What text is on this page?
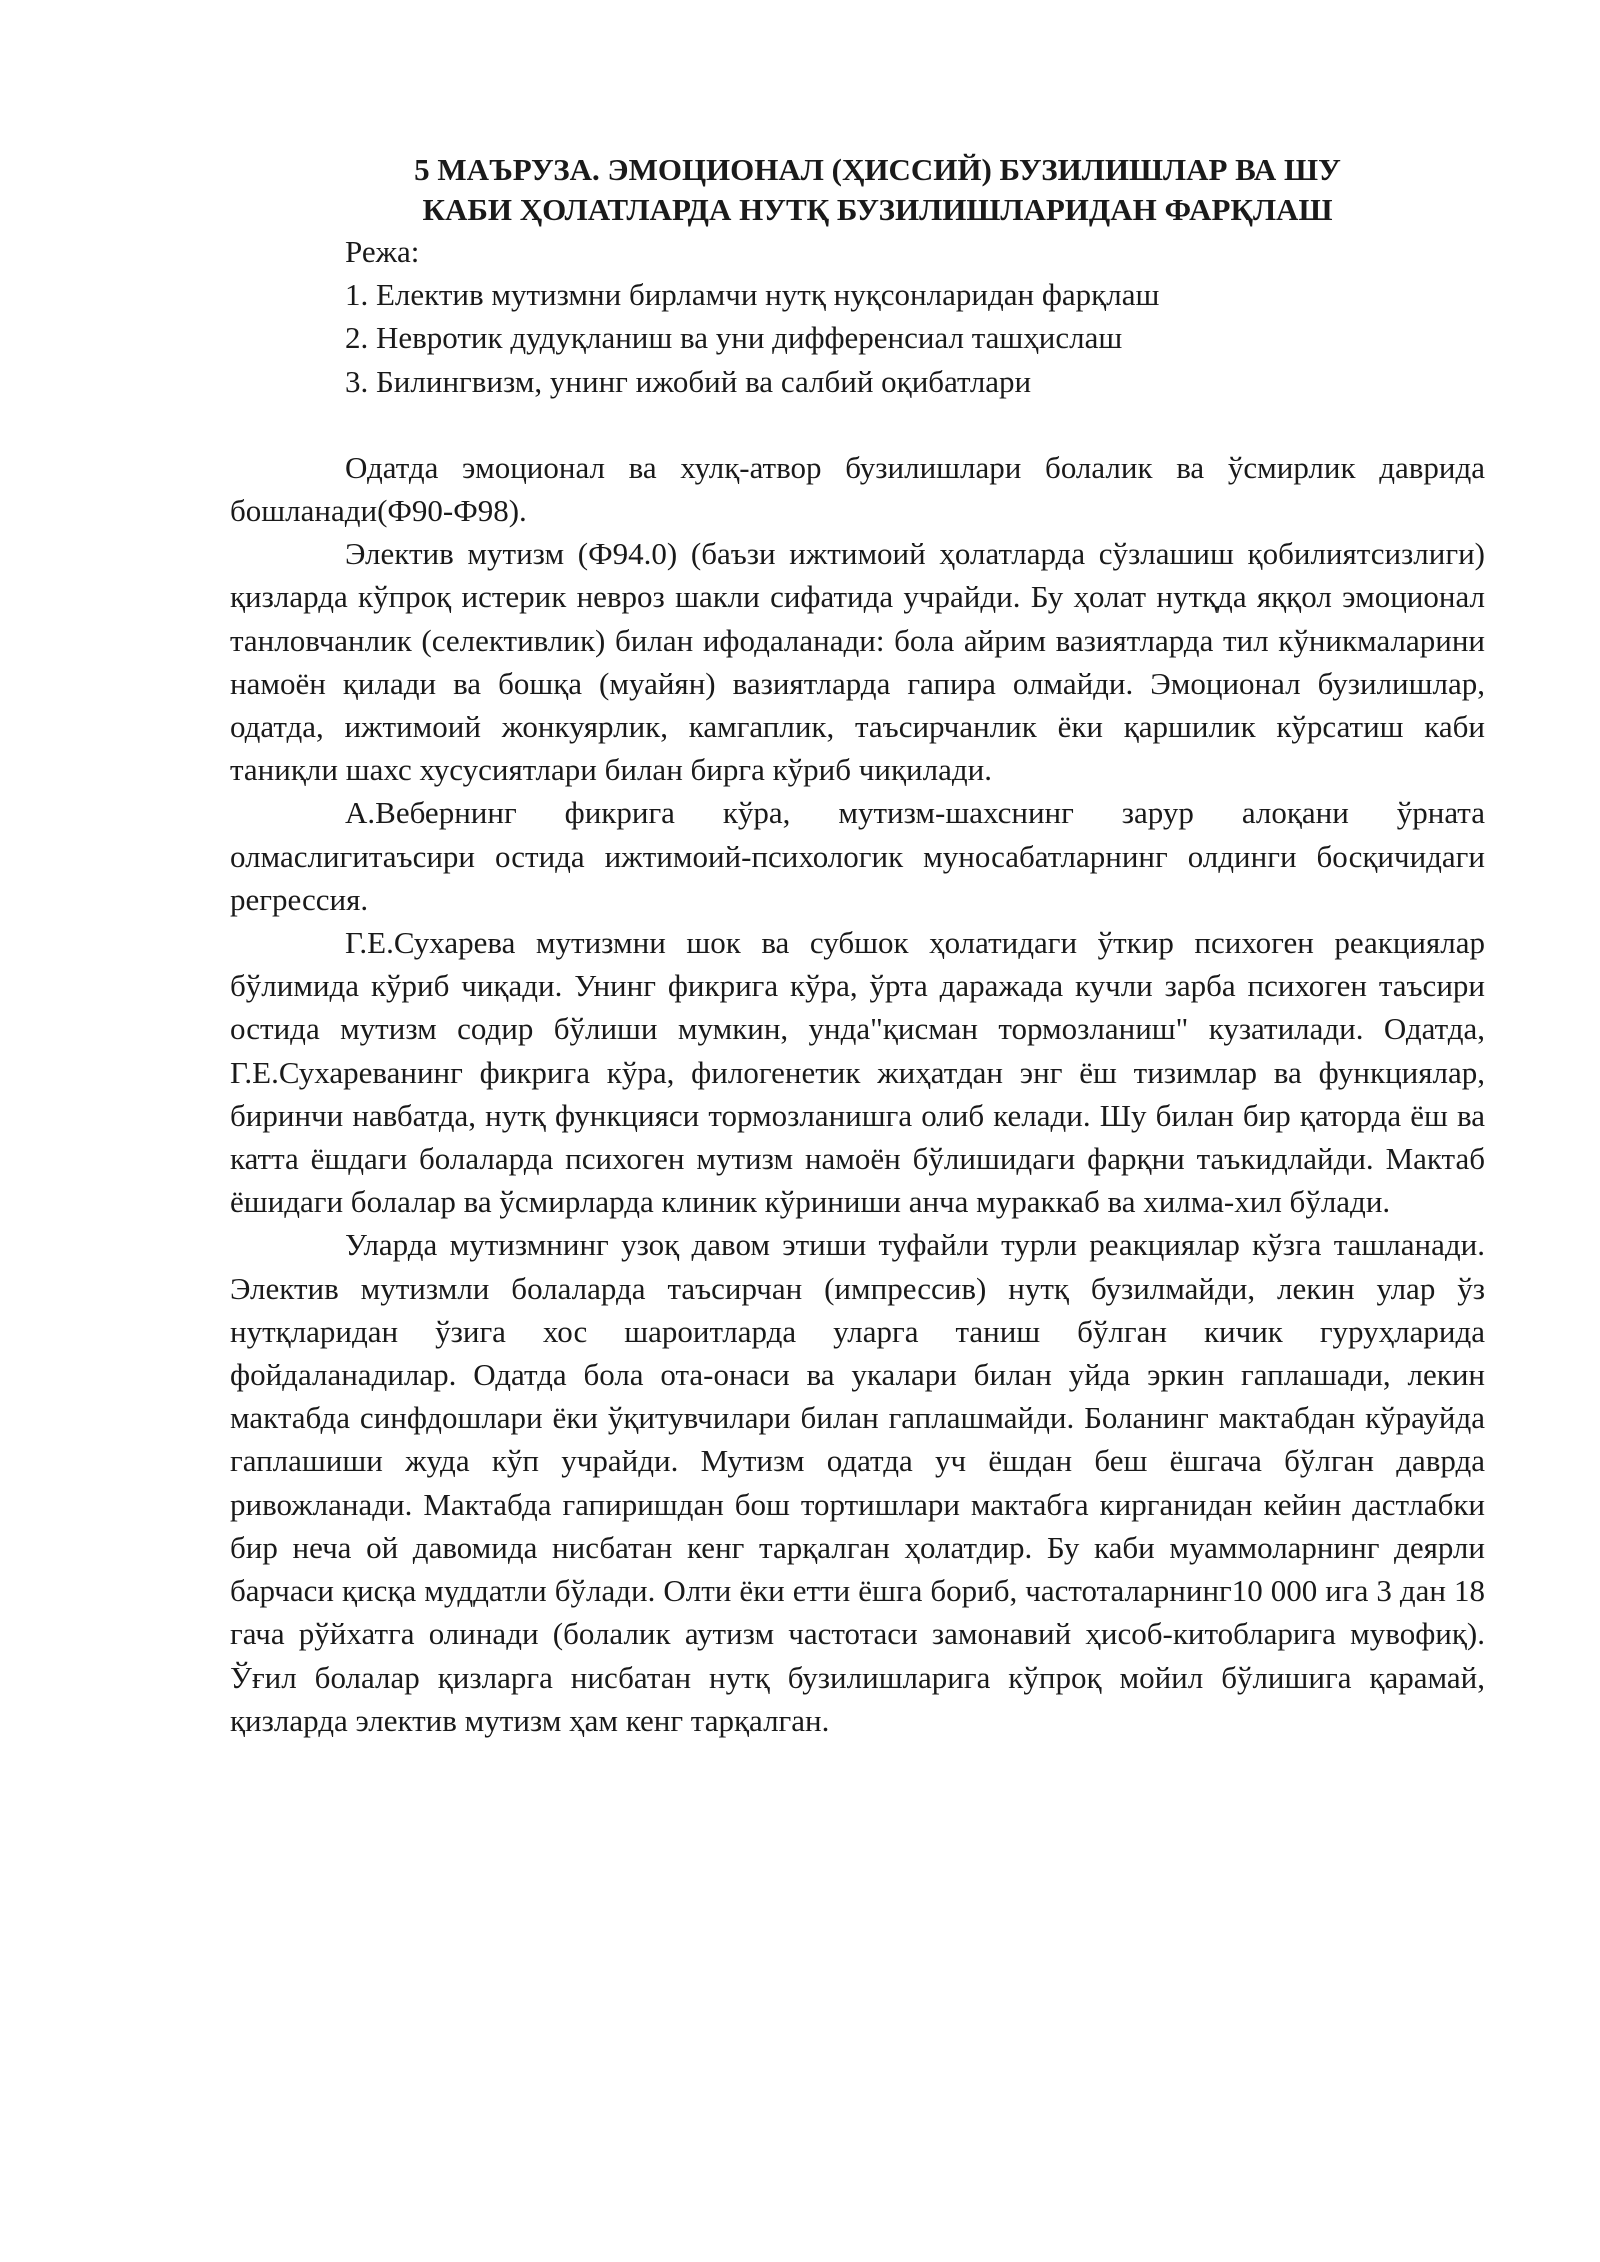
5 МАЪРУЗА. ЭМОЦИОНАЛ (ҲИССИЙ) БУЗИЛИШЛАР ВА ШУ
КАБИ ҲОЛАТЛАРДА НУТҚ БУЗИЛИШЛАРИДАН ФАРҚЛАШ
Режа:
1. Електив мутизмни бирламчи нутқ нуқсонларидан фарқлаш
2. Невротик дудуқланиш ва уни дифференсиал ташҳислаш
3. Билингвизм, унинг ижобий ва салбий оқибатлари

Одатда эмоционал ва хулқ-атвор бузилишлари болалик ва ўсмирлик даврида бошланади(Ф90-Ф98).

Электив мутизм (Ф94.0) (баъзи ижтимоий ҳолатларда сўзлашиш қобилиятсизлиги) қизларда кўпроқ истерик невроз шакли сифатида учрайди. Бу ҳолат нутқда яққол эмоционал танловчанлик (селективлик) билан ифодаланади: бола айрим вазиятларда тил кўникмаларини намоён қилади ва бошқа (муайян) вазиятларда гапира олмайди. Эмоционал бузилишлар, одатда, ижтимоий жонкуярлик, камгаплик, таъсирчанлик ёки қаршилик кўрсатиш каби таниқли шахс хусусиятлари билан бирга кўриб чиқилади.

А.Вебернинг фикрига кўра, мутизм-шахснинг зарур алоқани ўрната олмаслигитаъсири остида ижтимоий-психологик муносабатларнинг олдинги босқичидаги регрессия.

Г.Е.Сухарева мутизмни шок ва субшок ҳолатидаги ўткир психоген реакциялар бўлимида кўриб чиқади. Унинг фикрига кўра, ўрта даражада кучли зарба психоген таъсири остида мутизм содир бўлиши мумкин, унда"қисман тормозланиш" кузатилади. Одатда, Г.Е.Сухареванинг фикрига кўра, филогенетик жиҳатдан энг ёш тизимлар ва функциялар, биринчи навбатда, нутқ функцияси тормозланишга олиб келади. Шу билан бир қаторда ёш ва катта ёшдаги болаларда психоген мутизм намоён бўлишидаги фарқни таъкидлайди. Мактаб ёшидаги болалар ва ўсмирларда клиник кўриниши анча мураккаб ва хилма-хил бўлади.

Уларда мутизмнинг узоқ давом этиши туфайли турли реакциялар кўзга ташланади. Электив мутизмли болаларда таъсирчан (импрессив) нутқ бузилмайди, лекин улар ўз нутқларидан ўзига хос шароитларда уларга таниш бўлган кичик гуруҳларида фойдаланадилар. Одатда бола ота-онаси ва укалари билан уйда эркин гаплашади, лекин мактабда синфдошлари ёки ўқитувчилари билан гаплашмайди. Боланинг мактабдан кўрауйда гаплашиши жуда кўп учрайди. Мутизм одатда уч ёшдан беш ёшгача бўлган даврда ривожланади. Мактабда гапиришдан бош тортишлари мактабга кирганидан кейин дастлабки бир неча ой давомида нисбатан кенг тарқалган ҳолатдир. Бу каби муаммоларнинг деярли барчаси қисқа муддатли бўлади. Олти ёки етти ёшга бориб, частоталарнинг10 000 ига 3 дан 18 гача рўйхатга олинади (болалик аутизм частотаси замонавий ҳисоб-китобларига мувофиқ). Ўғил болалар қизларга нисбатан нутқ бузилишларига кўпроқ мойил бўлишига қарамай, қизларда электив мутизм ҳам кенг тарқалган.
